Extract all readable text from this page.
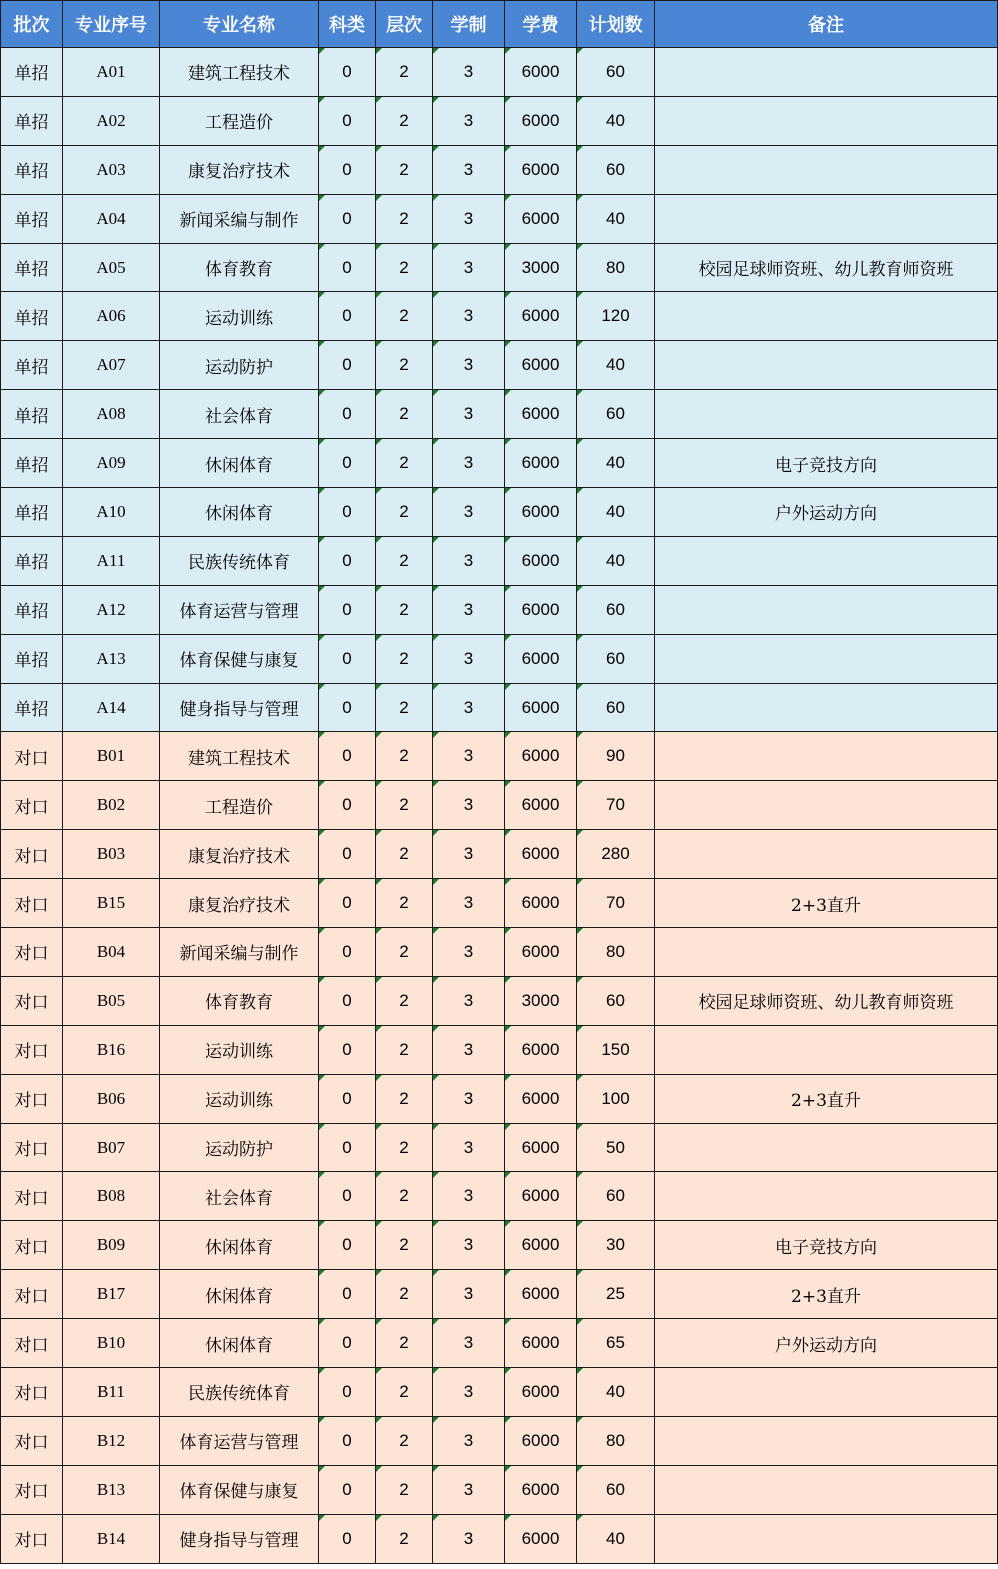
批次	专业序号	专业名称	科类	层次	学制	学费	计划数	备注
单招	A01	建筑工程技术	0	2	3	6000	60	
单招	A02	工程造价	0	2	3	6000	40	
单招	A03	康复治疗技术	0	2	3	6000	60	
单招	A04	新闻采编与制作	0	2	3	6000	40	
单招	A05	体育教育	0	2	3	3000	80	校园足球师资班、幼儿教育师资班
单招	A06	运动训练	0	2	3	6000	120	
单招	A07	运动防护	0	2	3	6000	40	
单招	A08	社会体育	0	2	3	6000	60	
单招	A09	休闲体育	0	2	3	6000	40	电子竞技方向
单招	A10	休闲体育	0	2	3	6000	40	户外运动方向
单招	A11	民族传统体育	0	2	3	6000	40	
单招	A12	体育运营与管理	0	2	3	6000	60	
单招	A13	体育保健与康复	0	2	3	6000	60	
单招	A14	健身指导与管理	0	2	3	6000	60	
对口	B01	建筑工程技术	0	2	3	6000	90	
对口	B02	工程造价	0	2	3	6000	70	
对口	B03	康复治疗技术	0	2	3	6000	280	
对口	B15	康复治疗技术	0	2	3	6000	70	2+3直升
对口	B04	新闻采编与制作	0	2	3	6000	80	
对口	B05	体育教育	0	2	3	3000	60	校园足球师资班、幼儿教育师资班
对口	B16	运动训练	0	2	3	6000	150	
对口	B06	运动训练	0	2	3	6000	100	2+3直升
对口	B07	运动防护	0	2	3	6000	50	
对口	B08	社会体育	0	2	3	6000	60	
对口	B09	休闲体育	0	2	3	6000	30	电子竞技方向
对口	B17	休闲体育	0	2	3	6000	25	2+3直升
对口	B10	休闲体育	0	2	3	6000	65	户外运动方向
对口	B11	民族传统体育	0	2	3	6000	40	
对口	B12	体育运营与管理	0	2	3	6000	80	
对口	B13	体育保健与康复	0	2	3	6000	60	
对口	B14	健身指导与管理	0	2	3	6000	40	
